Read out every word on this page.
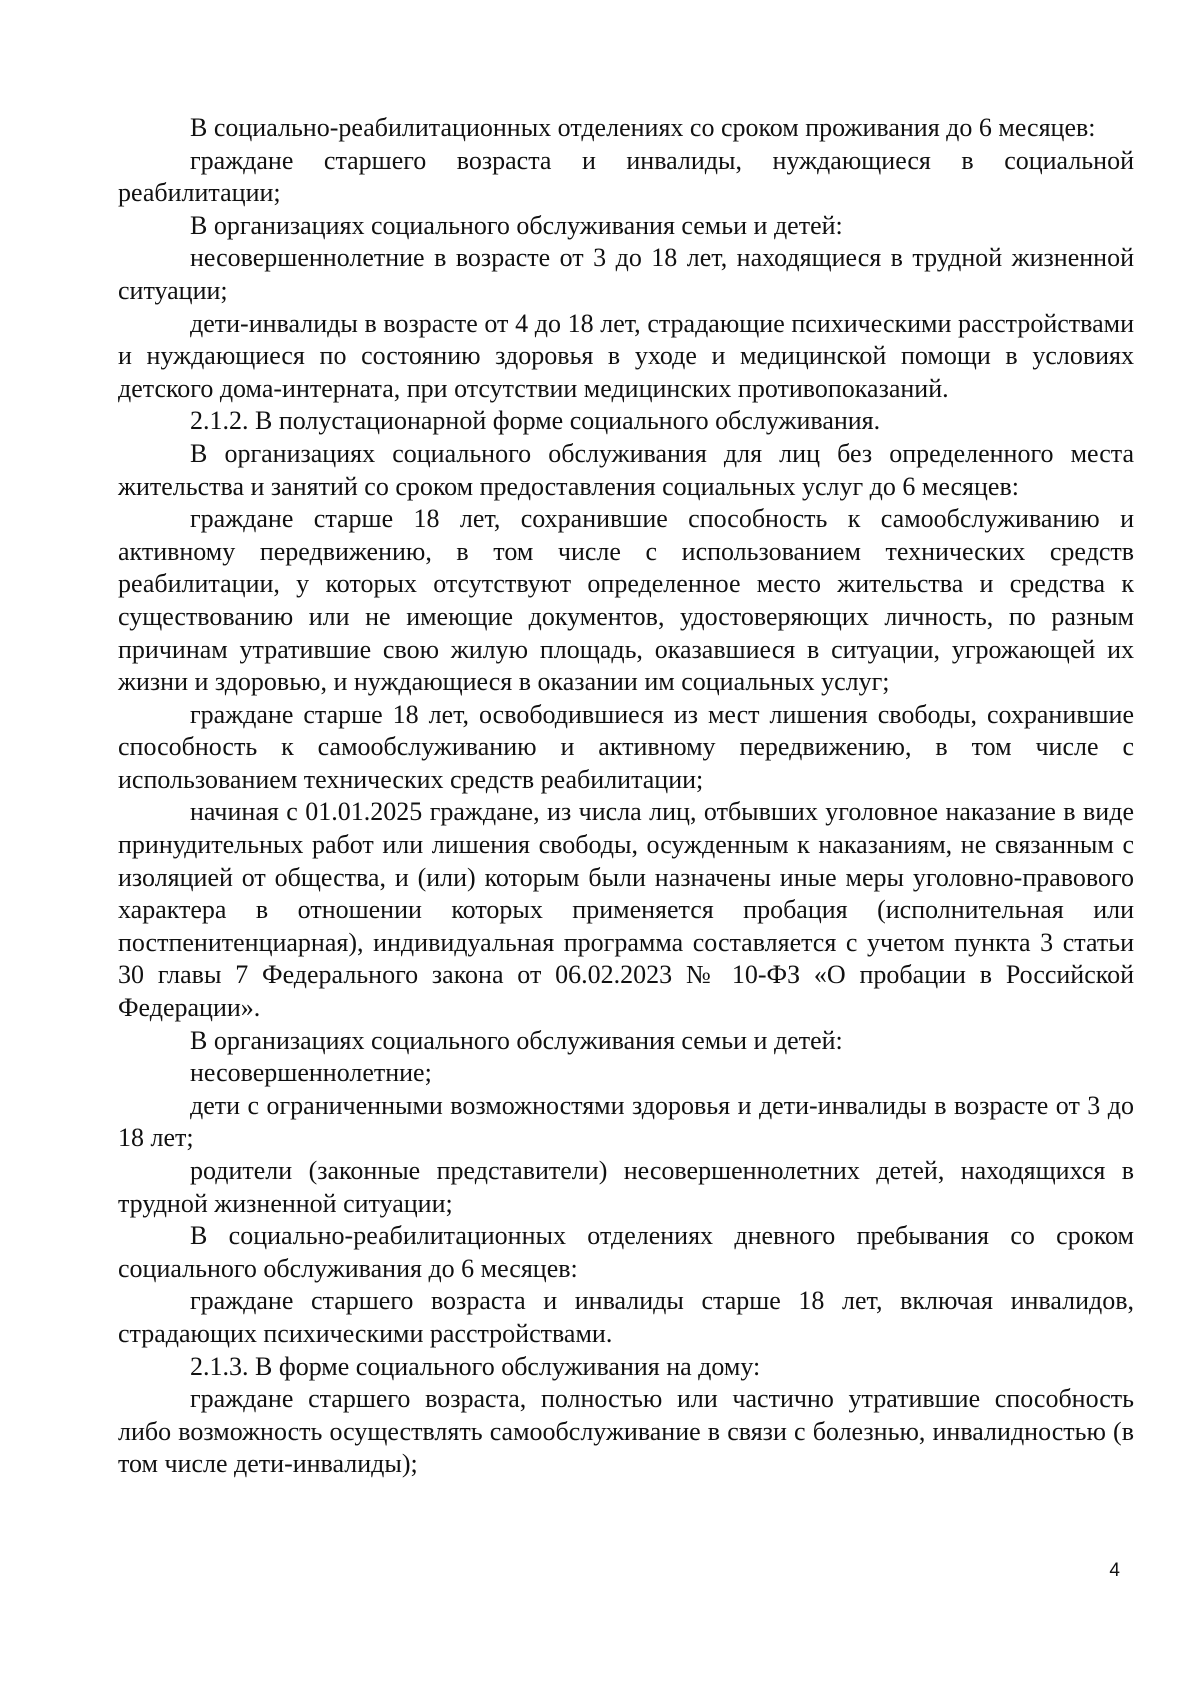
В социально-реабилитационных отделениях со сроком проживания до 6 месяцев:

граждане старшего возраста и инвалиды, нуждающиеся в социальной реабилитации;

В организациях социального обслуживания семьи и детей:

несовершеннолетние в возрасте от 3 до 18 лет, находящиеся в трудной жизненной ситуации;

дети-инвалиды в возрасте от 4 до 18 лет, страдающие психическими расстройствами и нуждающиеся по состоянию здоровья в уходе и медицинской помощи в условиях детского дома-интерната, при отсутствии медицинских противопоказаний.

2.1.2. В полустационарной форме социального обслуживания.

В организациях социального обслуживания для лиц без определенного места жительства и занятий со сроком предоставления социальных услуг до 6 месяцев:

граждане старше 18 лет, сохранившие способность к самообслуживанию и активному передвижению, в том числе с использованием технических средств реабилитации, у которых отсутствуют определенное место жительства и средства к существованию или не имеющие документов, удостоверяющих личность, по разным причинам утратившие свою жилую площадь, оказавшиеся в ситуации, угрожающей их жизни и здоровью, и нуждающиеся в оказании им социальных услуг;

граждане старше 18 лет, освободившиеся из мест лишения свободы, сохранившие способность к самообслуживанию и активному передвижению, в том числе с использованием технических средств реабилитации;

начиная с 01.01.2025 граждане, из числа лиц, отбывших уголовное наказание в виде принудительных работ или лишения свободы, осужденным к наказаниям, не связанным с изоляцией от общества, и (или) которым были назначены иные меры уголовно-правового характера в отношении которых применяется пробация (исполнительная или постпенитенциарная), индивидуальная программа составляется с учетом пункта 3 статьи 30 главы 7 Федерального закона от 06.02.2023 № 10-ФЗ «О пробации в Российской Федерации».

В организациях социального обслуживания семьи и детей:

несовершеннолетние;

дети с ограниченными возможностями здоровья и дети-инвалиды в возрасте от 3 до 18 лет;

родители (законные представители) несовершеннолетних детей, находящихся в трудной жизненной ситуации;

В социально-реабилитационных отделениях дневного пребывания со сроком социального обслуживания до 6 месяцев:

граждане старшего возраста и инвалиды старше 18 лет, включая инвалидов, страдающих психическими расстройствами.

2.1.3. В форме социального обслуживания на дому:

граждане старшего возраста, полностью или частично утратившие способность либо возможность осуществлять самообслуживание в связи с болезнью, инвалидностью (в том числе дети-инвалиды);

4
